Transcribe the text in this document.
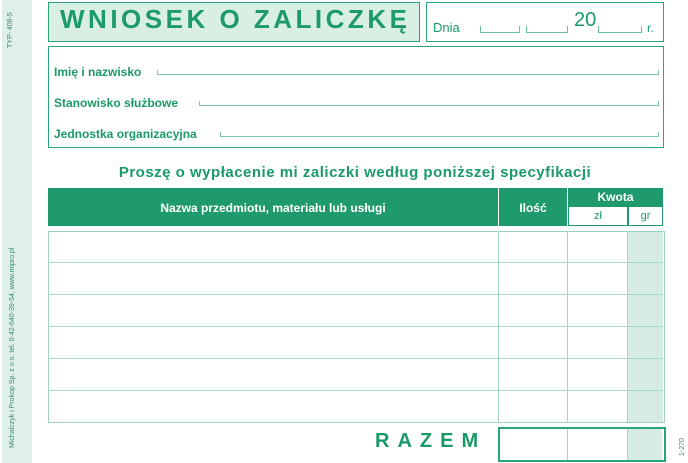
TYP- 408-5
Michalczyk i Prokop Sp. z o.o. tel. 0-42-640-39-54, www.mipro.pl
WNIOSEK O ZALICZKĘ Dnia	20	r.
Imię i nazwisko
Stanowisko służbowe
Jednostka organizacyjna
Proszę o wypłacenie mi zaliczki według poniższej specyfikacji
Nazwa przedmiotu, materiału lub usługi	Ilość
Kwota
zł	gr
RAZEM	1-270
